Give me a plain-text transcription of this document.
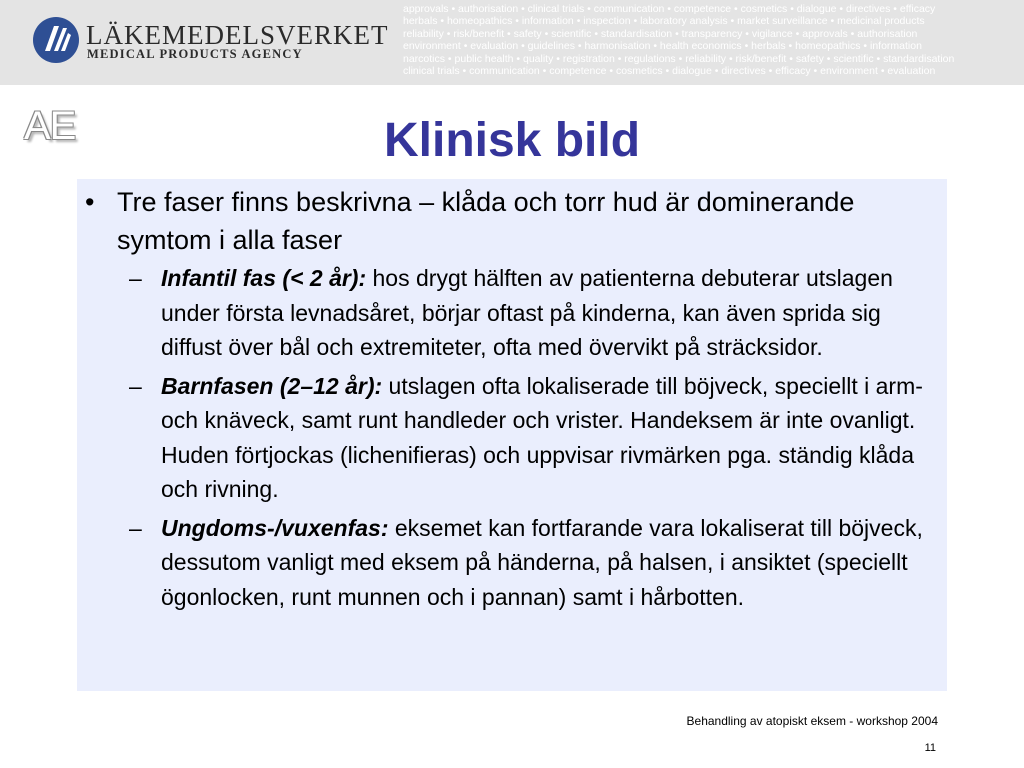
LÄKEMEDELSVERKET
MEDICAL PRODUCTS AGENCY
approvals • authorisation • clinical trials • communication • competence • cosmetics • dialogue • directives • efficacy
herbals • homeopathics • information • inspection • laboratory analysis • market surveillance • medicinal products
reliability • risk/benefit • safety • scientific • standardisation • transparency • vigilance • approvals • authorisation
environment • evaluation • guidelines • harmonisation • health economics • herbals • homeopathics • information
narcotics • public health • quality • registration • regulations • reliability • risk/benefit • safety • scientific • standardisation
clinical trials • communication • competence • cosmetics • dialogue • directives • efficacy • environment • evaluation
AE	Klinisk bild
• Tre faser finns beskrivna – klåda och torr hud är dominerande symtom i alla faser
– Infantil fas (< 2 år): hos drygt hälften av patienterna debuterar utslagen under första levnadsåret, börjar oftast på kinderna, kan även sprida sig diffust över bål och extremiteter, ofta med övervikt på sträcksidor.
– Barnfasen (2–12 år): utslagen ofta lokaliserade till böjveck, speciellt i arm- och knäveck, samt runt handleder och vrister. Handeksem är inte ovanligt. Huden förtjockas (lichenifieras) och uppvisar rivmärken pga. ständig klåda och rivning.
– Ungdoms-/vuxenfas: eksemet kan fortfarande vara lokaliserat till böjveck, dessutom vanligt med eksem på händerna, på halsen, i ansiktet (speciellt ögonlocken, runt munnen och i pannan) samt i hårbotten.
Behandling av atopiskt eksem - workshop 2004
11
